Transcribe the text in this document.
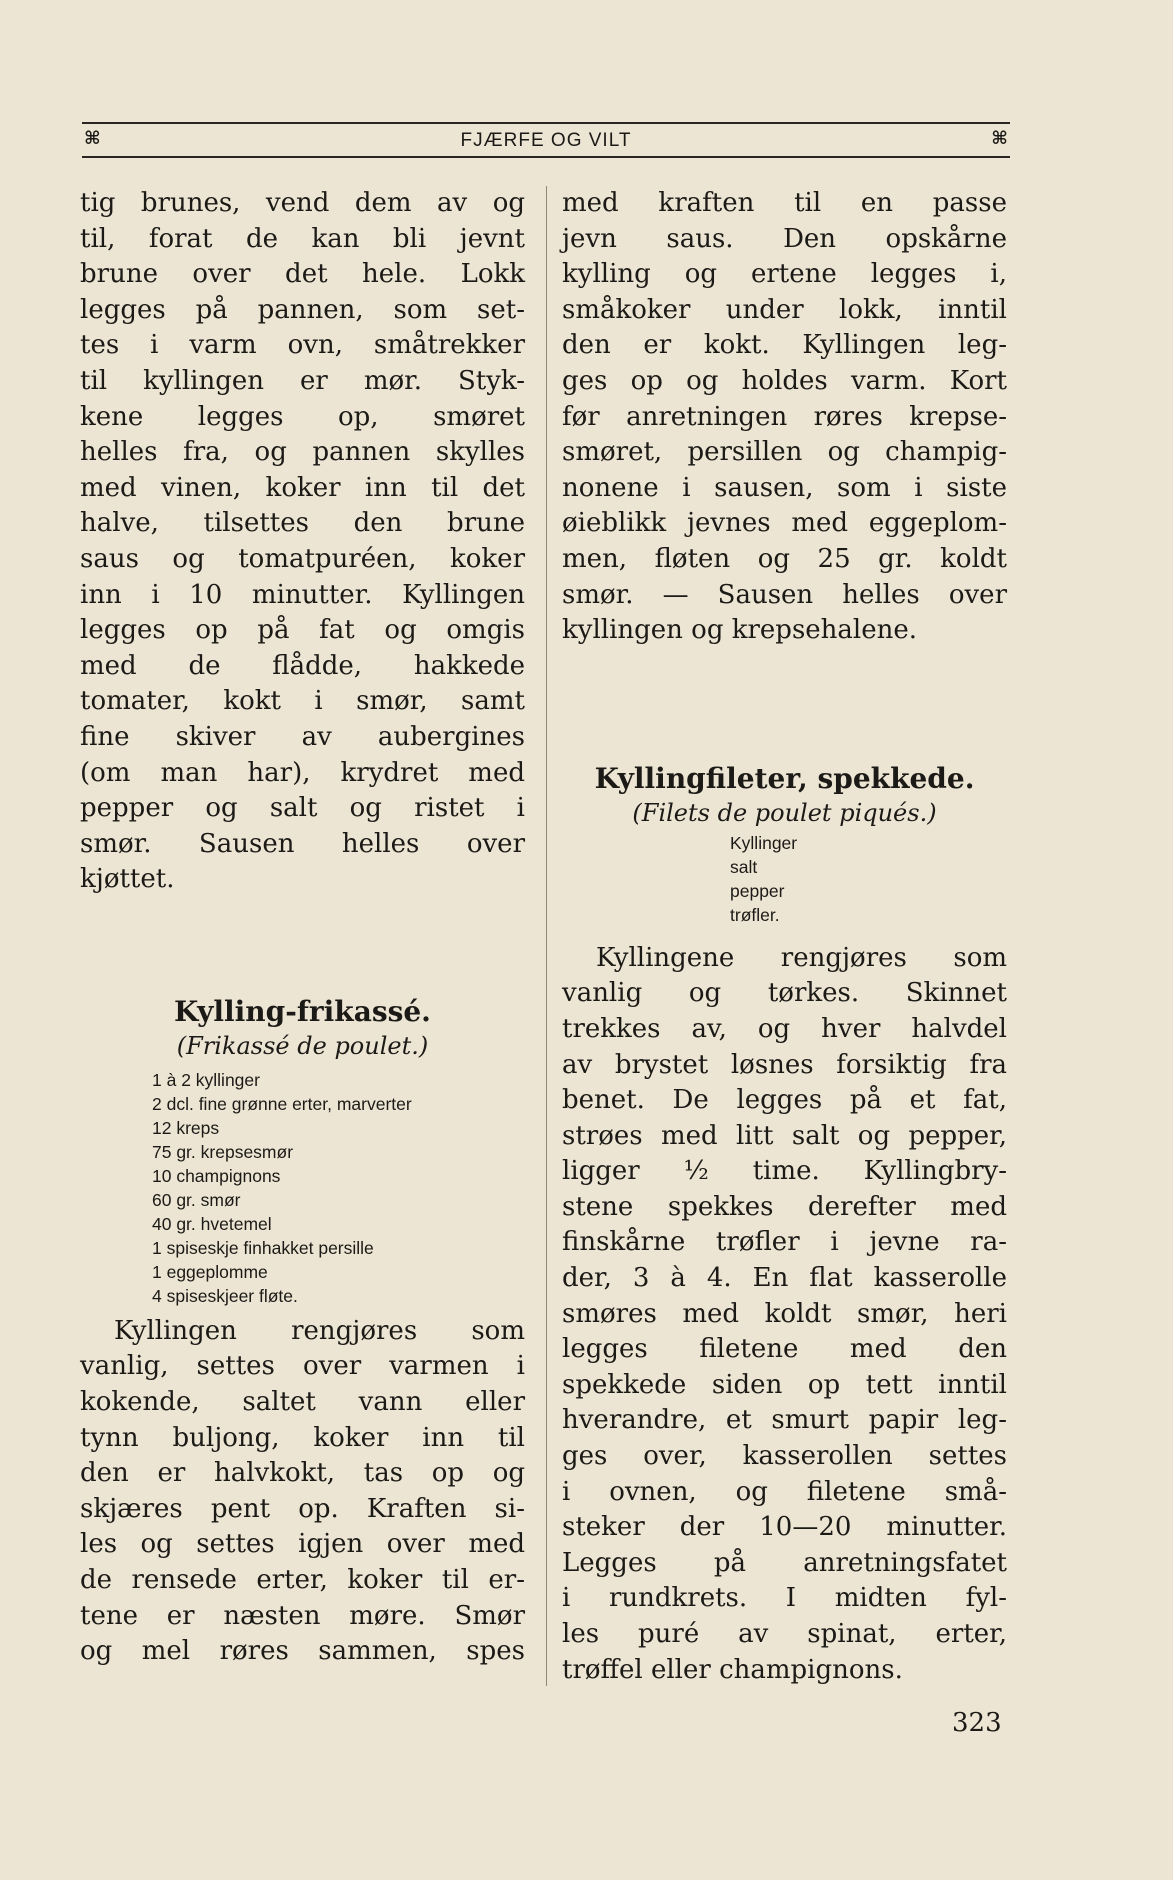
⌘	FJÆRFE OG VILT	⌘
tig brunes, vend dem av og
til, forat de kan bli jevnt
brune over det hele. Lokk
legges på pannen, som set-
tes i varm ovn, småtrekker
til kyllingen er mør. Styk-
kene legges op, smøret
helles fra, og pannen skylles
med vinen, koker inn til det
halve, tilsettes den brune
saus og tomatpuréen, koker
inn i 10 minutter. Kyllingen
legges op på fat og omgis
med de flådde, hakkede
tomater, kokt i smør, samt
fine skiver av aubergines
(om man har), krydret med
pepper og salt og ristet i
smør. Sausen helles over
kjøttet.
Kylling-frikassé.
(Frikassé de poulet.)
1 à 2 kyllinger
2 dcl. fine grønne erter, marverter
12 kreps
75 gr. krepsesmør
10 champignons
60 gr. smør
40 gr. hvetemel
1 spiseskje finhakket persille
1 eggeplomme
4 spiseskjeer fløte.
Kyllingen rengjøres som
vanlig, settes over varmen i
kokende, saltet vann eller
tynn buljong, koker inn til
den er halvkokt, tas op og
skjæres pent op. Kraften si-
les og settes igjen over med
de rensede erter, koker til er-
tene er næsten møre. Smør
og mel røres sammen, spes
med kraften til en passe
jevn saus. Den opskårne
kylling og ertene legges i,
småkoker under lokk, inntil
den er kokt. Kyllingen leg-
ges op og holdes varm. Kort
før anretningen røres krepse-
smøret, persillen og champig-
nonene i sausen, som i siste
øieblikk jevnes med eggeplom-
men, fløten og 25 gr. koldt
smør. — Sausen helles over
kyllingen og krepsehalene.
Kyllingfileter, spekkede.
(Filets de poulet piqués.)
Kyllinger
salt
pepper
trøfler.
Kyllingene rengjøres som
vanlig og tørkes. Skinnet
trekkes av, og hver halvdel
av brystet løsnes forsiktig fra
benet. De legges på et fat,
strøes med litt salt og pepper,
ligger ½ time. Kyllingbry-
stene spekkes derefter med
finskårne trøfler i jevne ra-
der, 3 à 4. En flat kasserolle
smøres med koldt smør, heri
legges filetene med den
spekkede siden op tett inntil
hverandre, et smurt papir leg-
ges over, kasserollen settes
i ovnen, og filetene små-
steker der 10—20 minutter.
Legges på anretningsfatet
i rundkrets. I midten fyl-
les puré av spinat, erter,
trøffel eller champignons.
323
